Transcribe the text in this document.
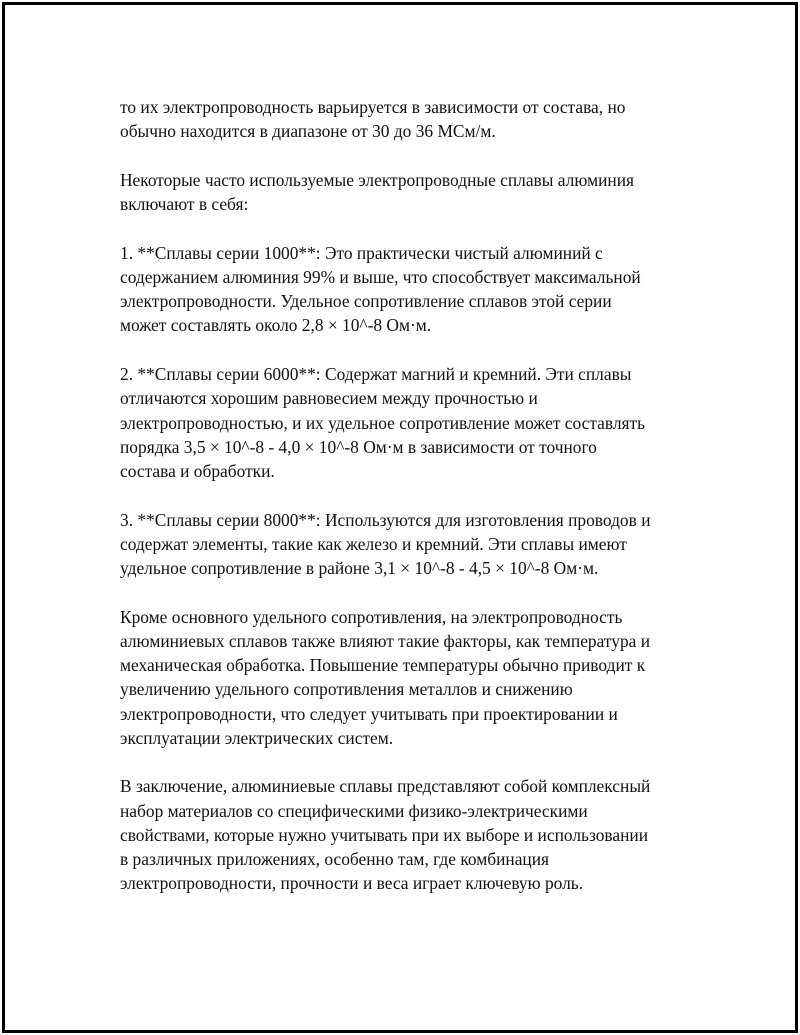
то их электропроводность варьируется в зависимости от состава, но
обычно находится в диапазоне от 30 до 36 МСм/м.

Некоторые часто используемые электропроводные сплавы алюминия
включают в себя:

1. **Сплавы серии 1000**: Это практически чистый алюминий с
содержанием алюминия 99% и выше, что способствует максимальной
электропроводности. Удельное сопротивление сплавов этой серии
может составлять около 2,8 × 10^-8 Ом·м.

2. **Сплавы серии 6000**: Содержат магний и кремний. Эти сплавы
отличаются хорошим равновесием между прочностью и
электропроводностью, и их удельное сопротивление может составлять
порядка 3,5 × 10^-8 - 4,0 × 10^-8 Ом·м в зависимости от точного
состава и обработки.

3. **Сплавы серии 8000**: Используются для изготовления проводов и
содержат элементы, такие как железо и кремний. Эти сплавы имеют
удельное сопротивление в районе 3,1 × 10^-8 - 4,5 × 10^-8 Ом·м.

Кроме основного удельного сопротивления, на электропроводность
алюминиевых сплавов также влияют такие факторы, как температура и
механическая обработка. Повышение температуры обычно приводит к
увеличению удельного сопротивления металлов и снижению
электропроводности, что следует учитывать при проектировании и
эксплуатации электрических систем.

В заключение, алюминиевые сплавы представляют собой комплексный
набор материалов со специфическими физико-электрическими
свойствами, которые нужно учитывать при их выборе и использовании
в различных приложениях, особенно там, где комбинация
электропроводности, прочности и веса играет ключевую роль.
